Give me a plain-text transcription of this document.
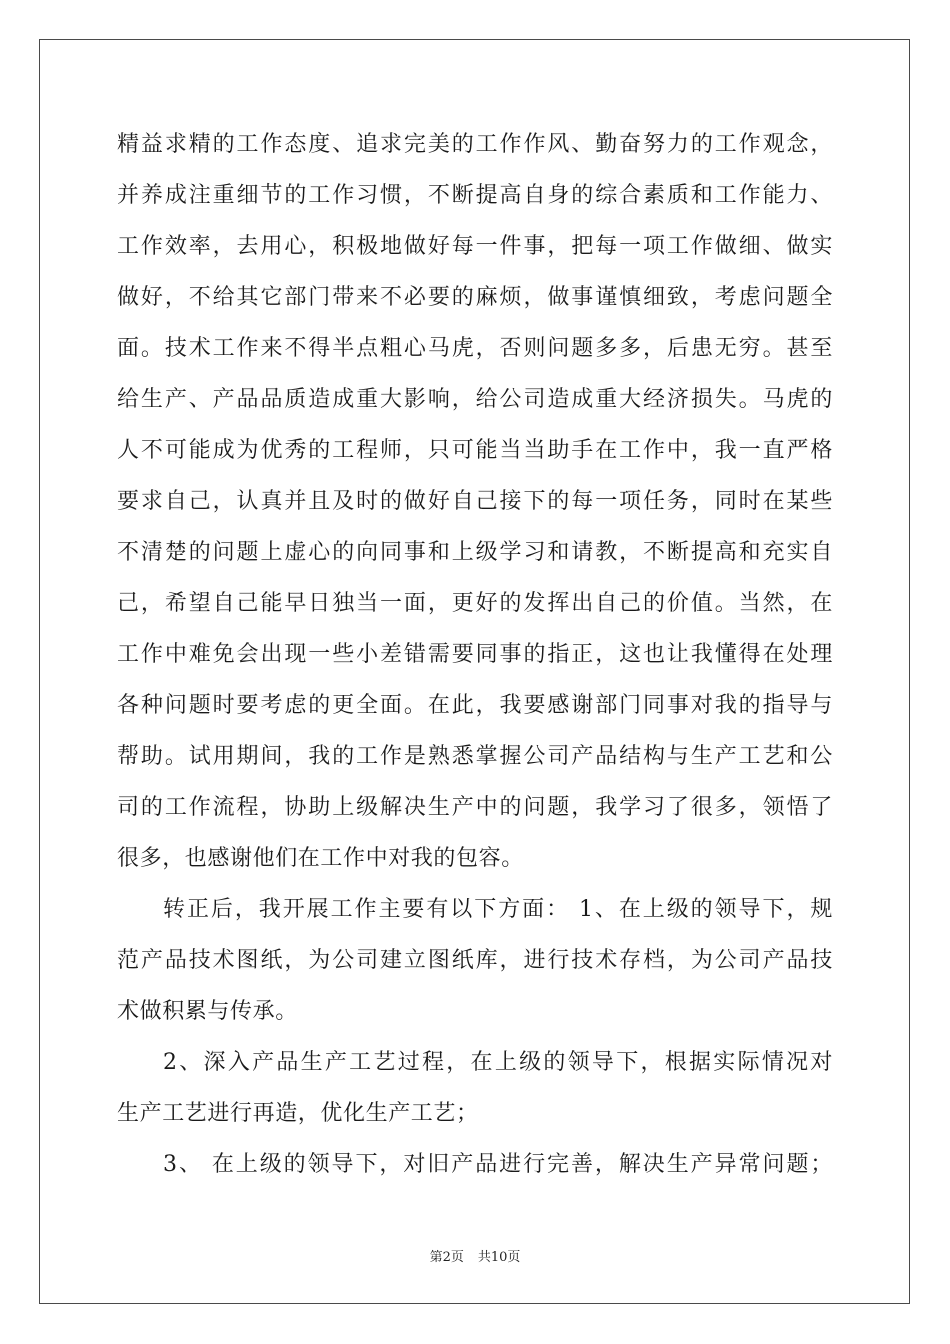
精益求精的工作态度、追求完美的工作作风、勤奋努力的工作观念，
并养成注重细节的工作习惯，不断提高自身的综合素质和工作能力、
工作效率，去用心，积极地做好每一件事，把每一项工作做细、做实
做好，不给其它部门带来不必要的麻烦，做事谨慎细致，考虑问题全
面。技术工作来不得半点粗心马虎，否则问题多多，后患无穷。甚至
给生产、产品品质造成重大影响，给公司造成重大经济损失。马虎的
人不可能成为优秀的工程师，只可能当当助手在工作中，我一直严格
要求自己，认真并且及时的做好自己接下的每一项任务，同时在某些
不清楚的问题上虚心的向同事和上级学习和请教，不断提高和充实自
己，希望自己能早日独当一面，更好的发挥出自己的价值。当然，在
工作中难免会出现一些小差错需要同事的指正，这也让我懂得在处理
各种问题时要考虑的更全面。在此，我要感谢部门同事对我的指导与
帮助。试用期间，我的工作是熟悉掌握公司产品结构与生产工艺和公
司的工作流程，协助上级解决生产中的问题，我学习了很多，领悟了
很多，也感谢他们在工作中对我的包容。
转正后，我开展工作主要有以下方面： 1、在上级的领导下，规
范产品技术图纸，为公司建立图纸库，进行技术存档，为公司产品技
术做积累与传承。
2、深入产品生产工艺过程，在上级的领导下，根据实际情况对
生产工艺进行再造，优化生产工艺；
3、 在上级的领导下，对旧产品进行完善，解决生产异常问题；
第2页 共10页
